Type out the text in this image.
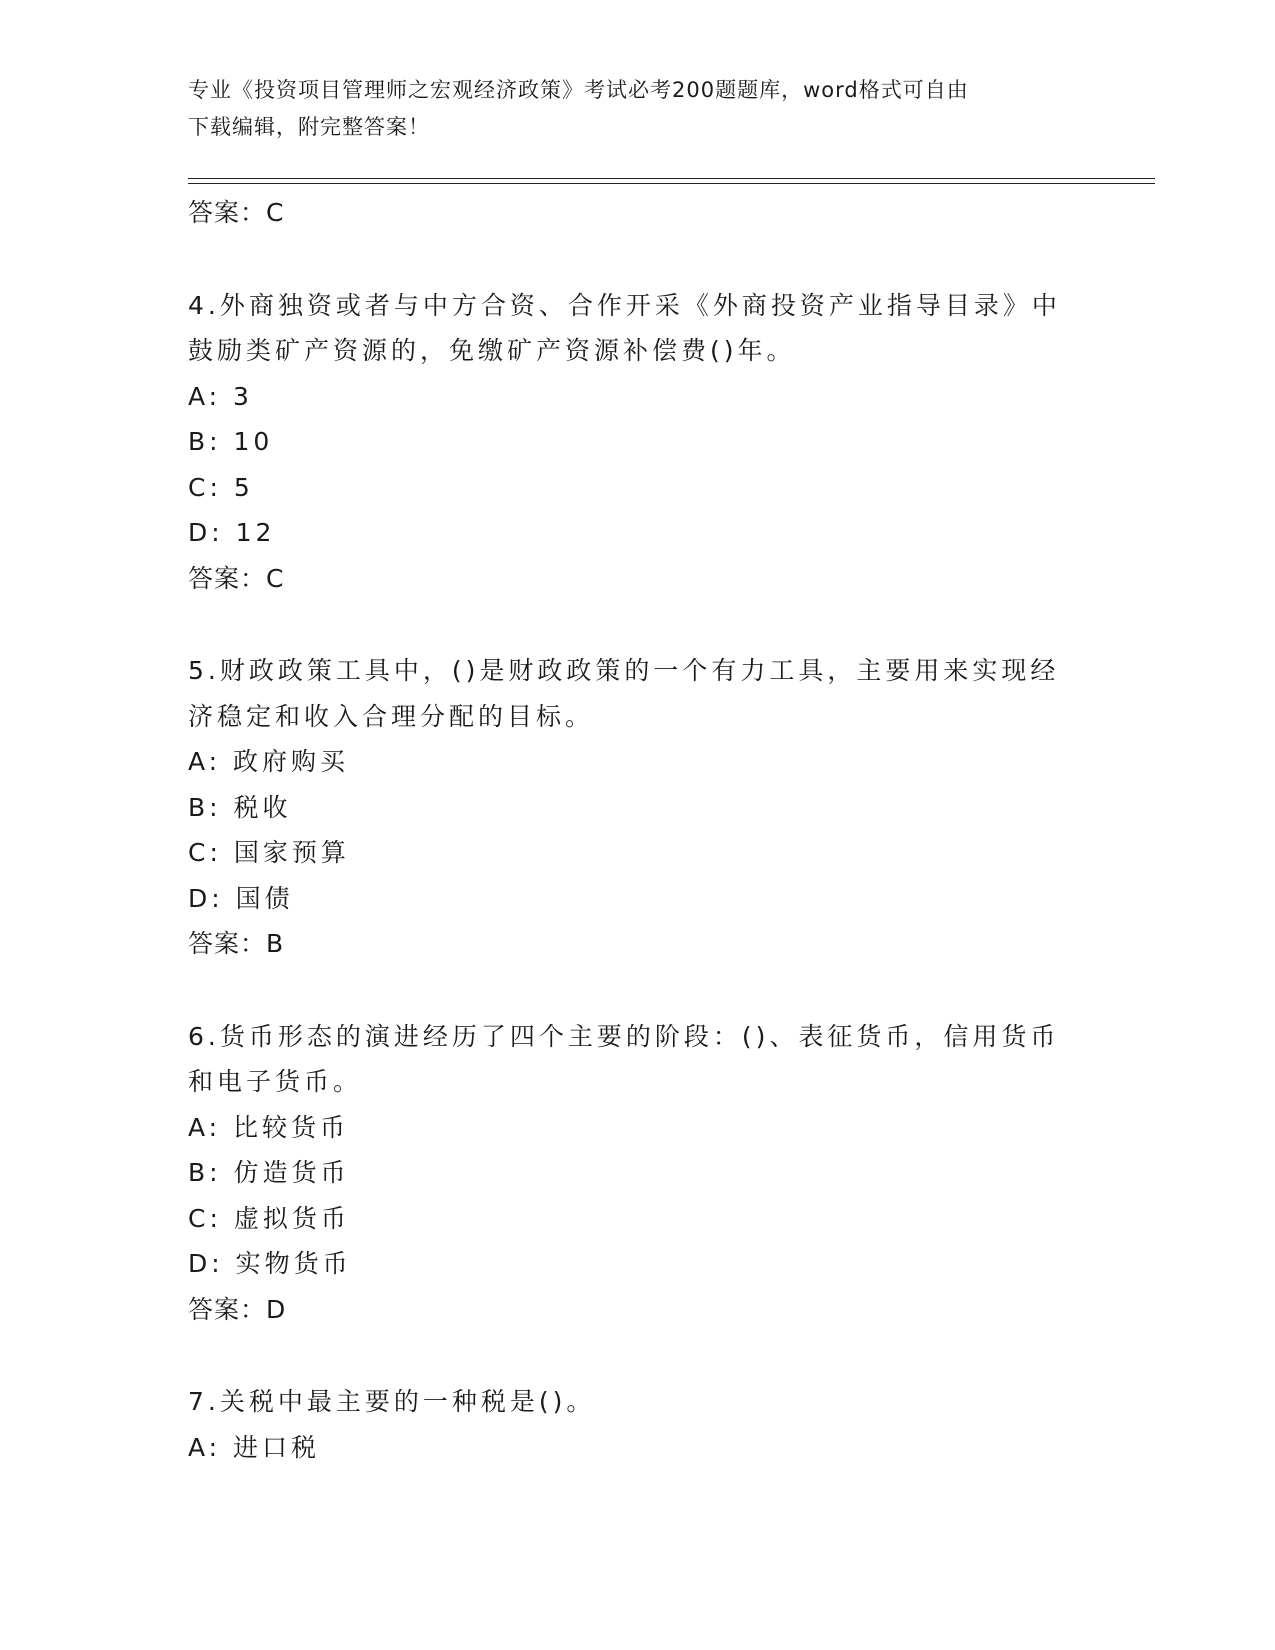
专业《投资项目管理师之宏观经济政策》考试必考200题题库，word格式可自由
下载编辑，附完整答案！
答案：C
4.外商独资或者与中方合资、合作开采《外商投资产业指导目录》中
鼓励类矿产资源的，免缴矿产资源补偿费()年。
A: 3
B: 10
C: 5
D: 12
答案：C
5.财政政策工具中，()是财政政策的一个有力工具，主要用来实现经
济稳定和收入合理分配的目标。
A: 政府购买
B: 税收
C: 国家预算
D: 国债
答案：B
6.货币形态的演进经历了四个主要的阶段：()、表征货币，信用货币
和电子货币。
A: 比较货币
B: 仿造货币
C: 虚拟货币
D: 实物货币
答案：D
7.关税中最主要的一种税是()。
A: 进口税
